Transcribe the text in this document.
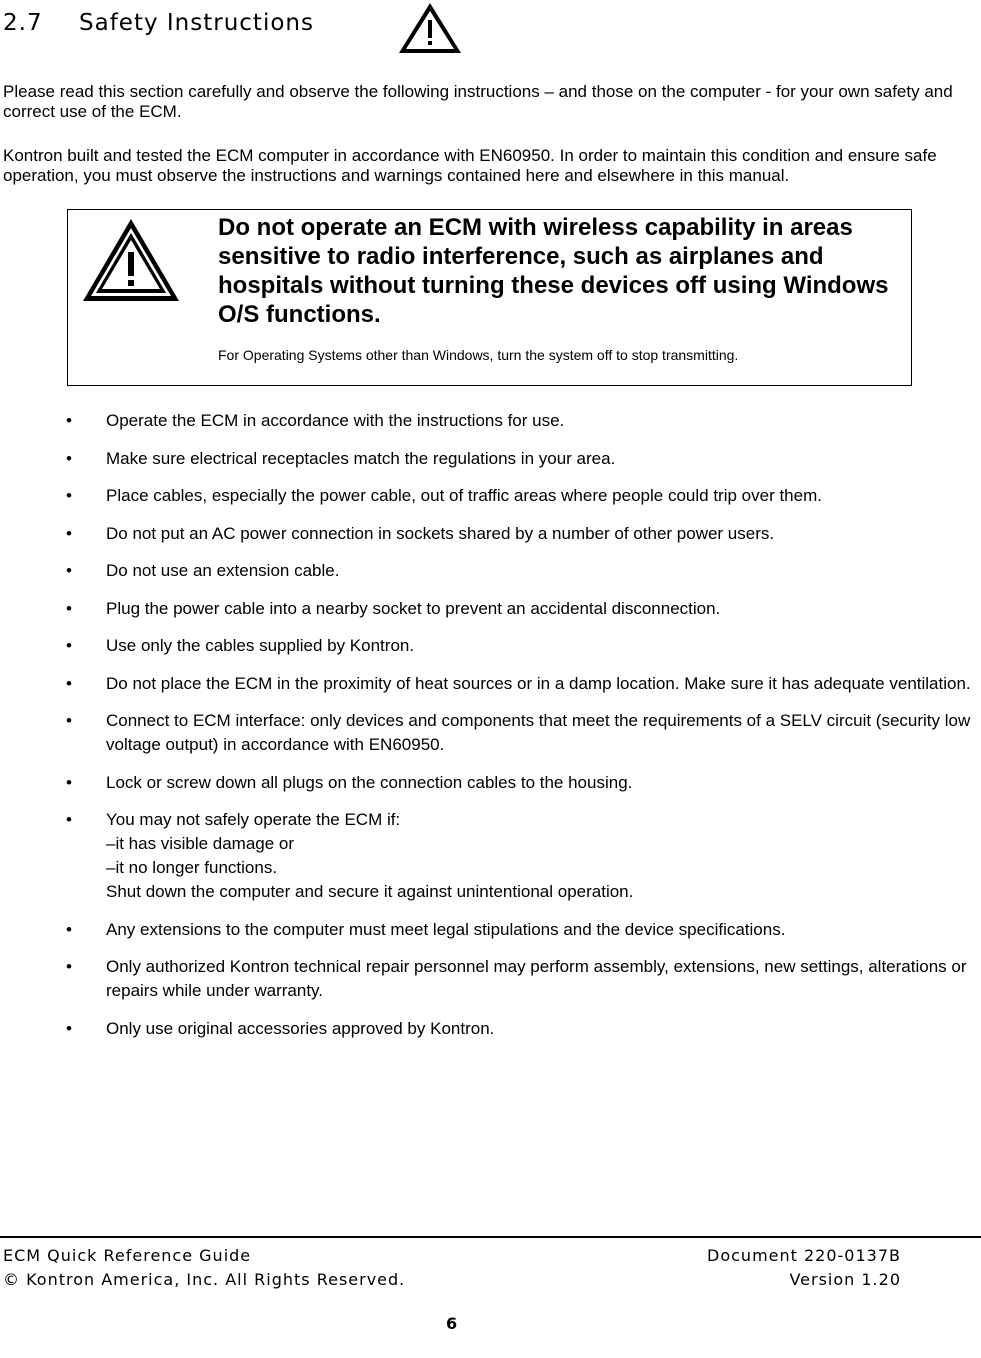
2.7	Safety Instructions

Please read this section carefully and observe the following instructions – and those on the computer - for your own safety and correct use of the ECM.

Kontron built and tested the ECM computer in accordance with EN60950. In order to maintain this condition and ensure safe operation, you must observe the instructions and warnings contained here and elsewhere in this manual.

Do not operate an ECM with wireless capability in areas sensitive to radio interference, such as airplanes and hospitals without turning these devices off using Windows O/S functions.

For Operating Systems other than Windows, turn the system off to stop transmitting.

• Operate the ECM in accordance with the instructions for use.
• Make sure electrical receptacles match the regulations in your area.
• Place cables, especially the power cable, out of traffic areas where people could trip over them.
• Do not put an AC power connection in sockets shared by a number of other power users.
• Do not use an extension cable.
• Plug the power cable into a nearby socket to prevent an accidental disconnection.
• Use only the cables supplied by Kontron.
• Do not place the ECM in the proximity of heat sources or in a damp location. Make sure it has adequate ventilation.
• Connect to ECM interface: only devices and components that meet the requirements of a SELV circuit (security low voltage output) in accordance with EN60950.
• Lock or screw down all plugs on the connection cables to the housing.
• You may not safely operate the ECM if:
–it has visible damage or
–it no longer functions.
Shut down the computer and secure it against unintentional operation.
• Any extensions to the computer must meet legal stipulations and the device specifications.
• Only authorized Kontron technical repair personnel may perform assembly, extensions, new settings, alterations or repairs while under warranty.
• Only use original accessories approved by Kontron.

ECM Quick Reference Guide

© Kontron America, Inc. All Rights Reserved.

Document 220-0137B

Version 1.20

6
